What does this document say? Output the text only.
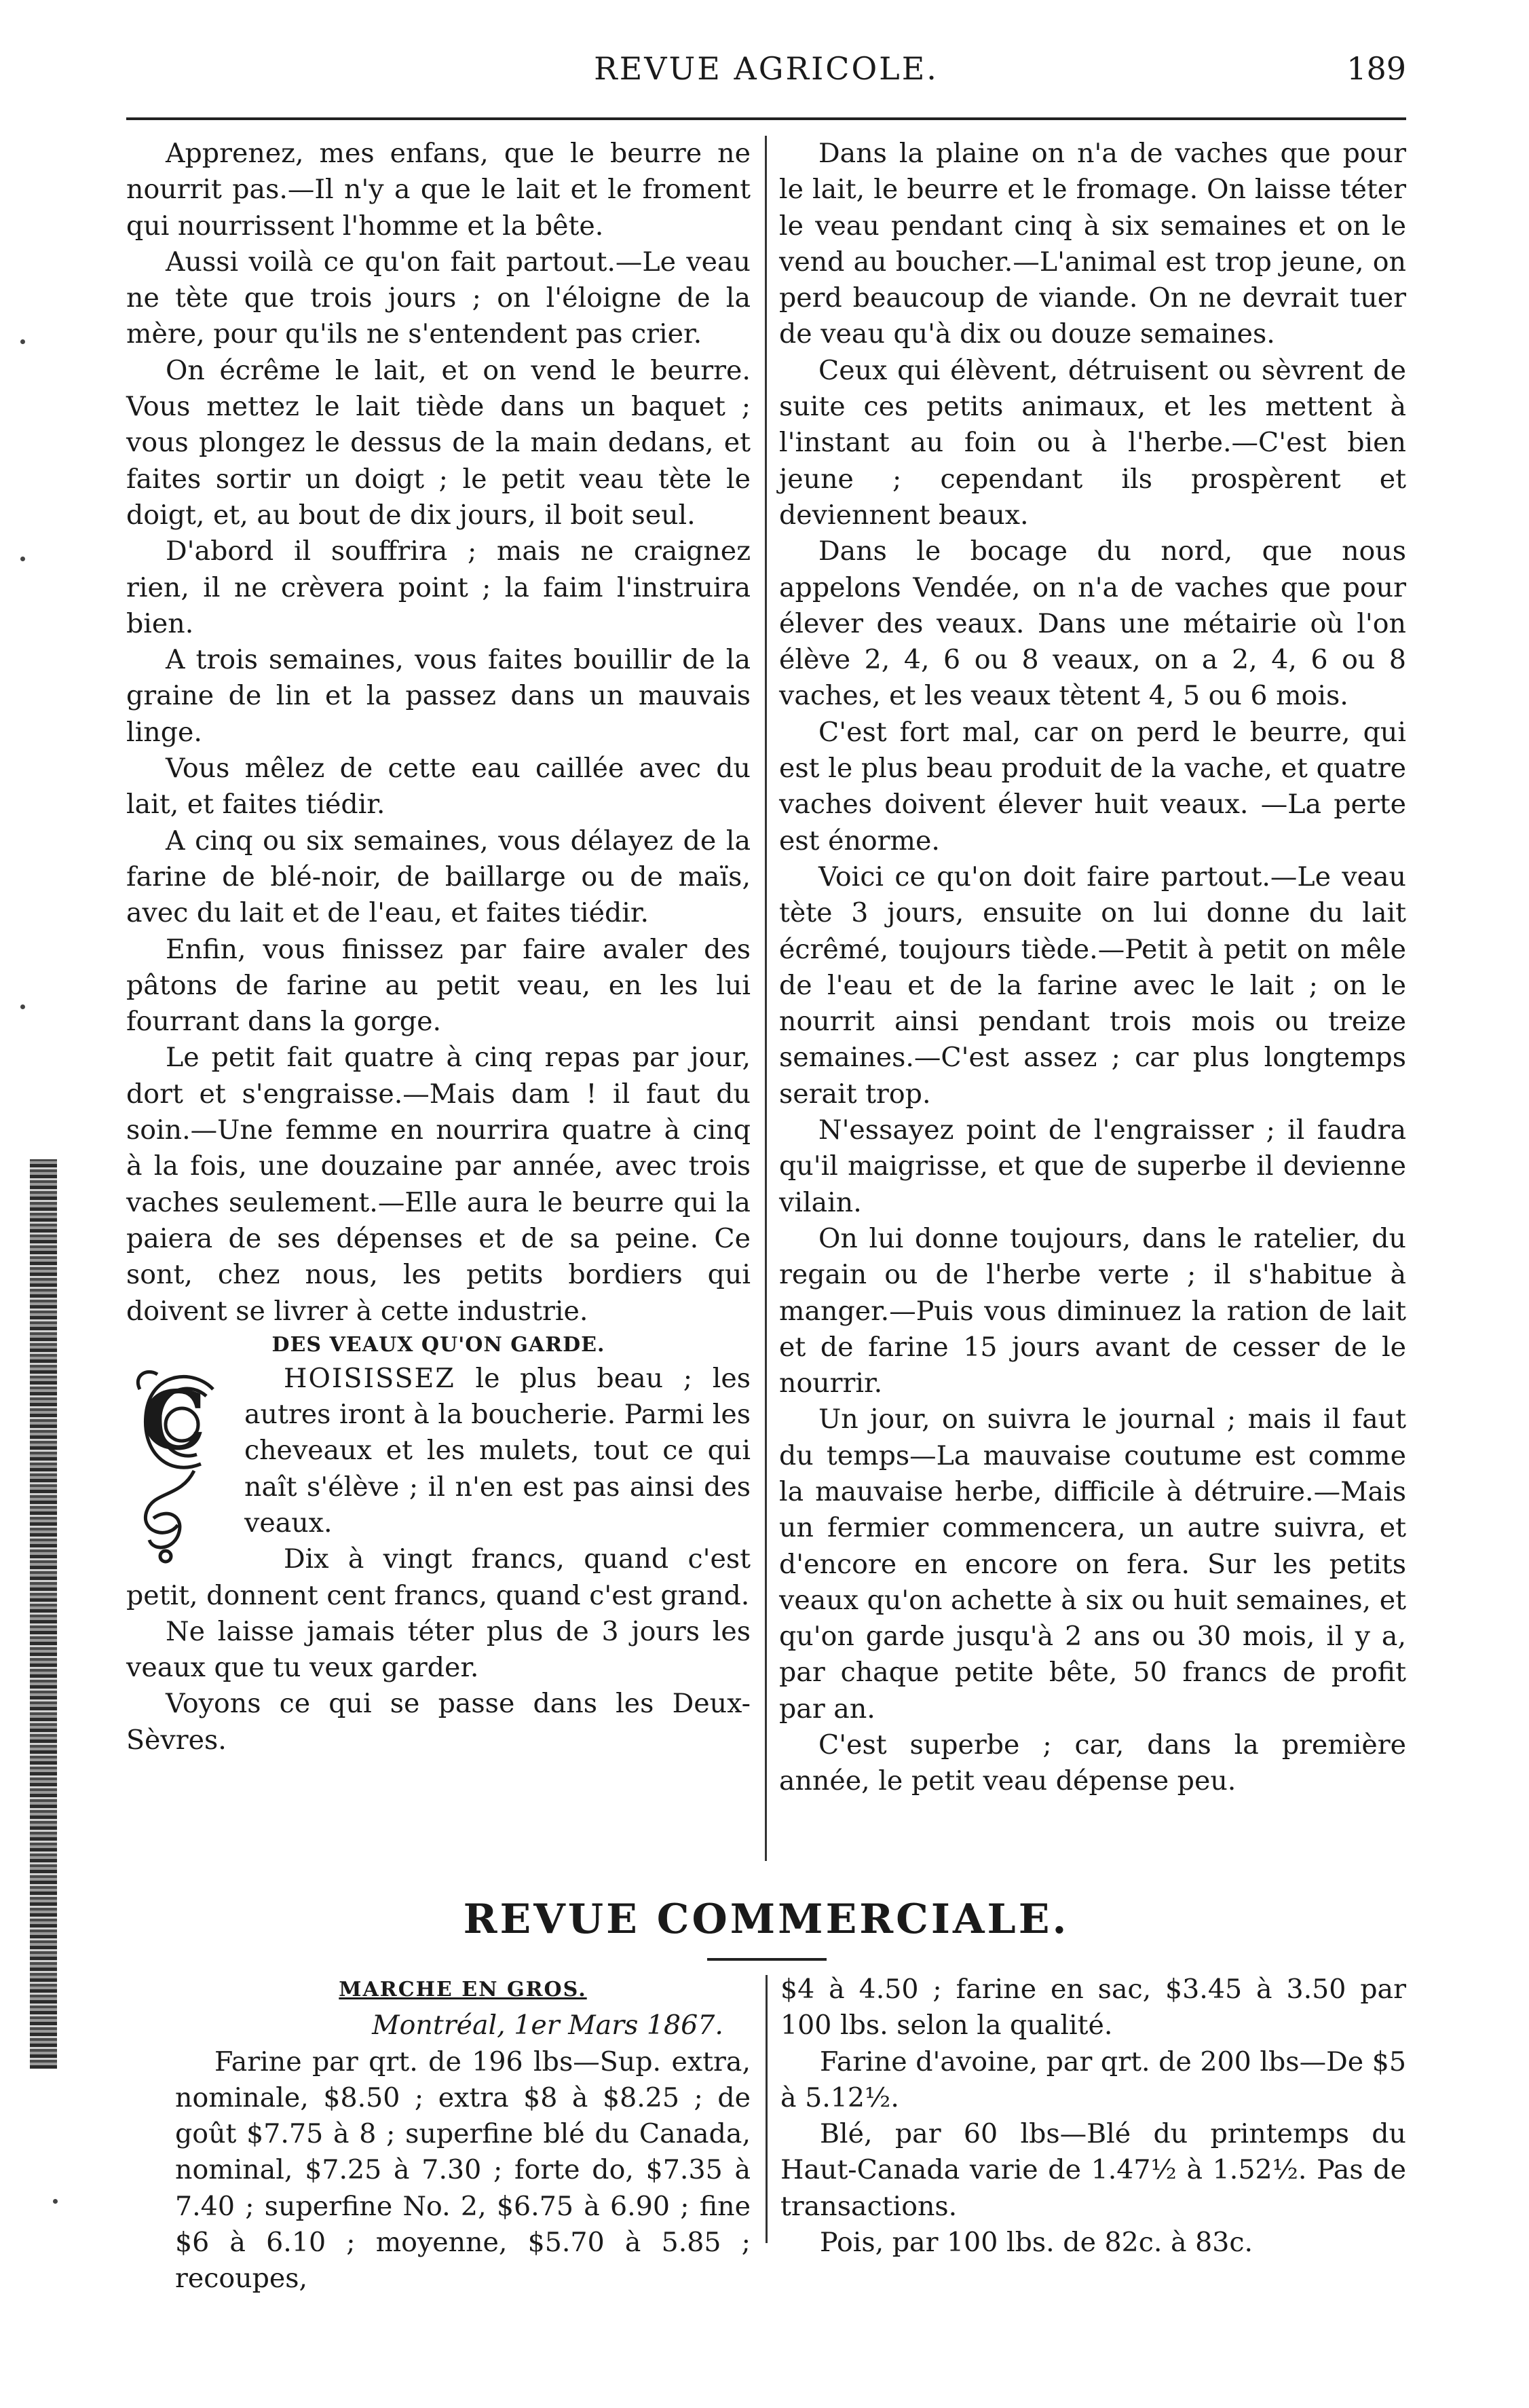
REVUE AGRICOLE.	189

Apprenez, mes enfans, que le beurre ne nourrit pas.—Il n'y a que le lait et le froment qui nourrissent l'homme et la bête.

Aussi voilà ce qu'on fait partout.—Le veau ne tète que trois jours ; on l'éloigne de la mère, pour qu'ils ne s'entendent pas crier.

On écrême le lait, et on vend le beurre. Vous mettez le lait tiède dans un baquet ; vous plongez le dessus de la main dedans, et faites sortir un doigt ; le petit veau tète le doigt, et, au bout de dix jours, il boit seul.

D'abord il souffrira ; mais ne craignez rien, il ne crèvera point ; la faim l'instruira bien.

A trois semaines, vous faites bouillir de la graine de lin et la passez dans un mauvais linge.

Vous mêlez de cette eau caillée avec du lait, et faites tiédir.

A cinq ou six semaines, vous délayez de la farine de blé-noir, de baillarge ou de maïs, avec du lait et de l'eau, et faites tiédir.

Enfin, vous finissez par faire avaler des pâtons de farine au petit veau, en les lui fourrant dans la gorge.

Le petit fait quatre à cinq repas par jour, dort et s'engraisse.—Mais dam ! il faut du soin.—Une femme en nourrira quatre à cinq à la fois, une douzaine par année, avec trois vaches seulement.—Elle aura le beurre qui la paiera de ses dépenses et de sa peine. Ce sont, chez nous, les petits bordiers qui doivent se livrer à cette industrie.

DES VEAUX QU'ON GARDE.

C	HOISISSEZ le plus beau ; les autres iront à la boucherie. Parmi les cheveaux et les mulets, tout ce qui naît s'élève ; il n'en est pas ainsi des veaux.

Dix à vingt francs, quand c'est petit, donnent cent francs, quand c'est grand.

Ne laisse jamais téter plus de 3 jours les veaux que tu veux garder.

Voyons ce qui se passe dans les Deux-Sèvres.

Dans la plaine on n'a de vaches que pour le lait, le beurre et le fromage. On laisse téter le veau pendant cinq à six semaines et on le vend au boucher.—L'animal est trop jeune, on perd beaucoup de viande. On ne devrait tuer de veau qu'à dix ou douze semaines.

Ceux qui élèvent, détruisent ou sèvrent de suite ces petits animaux, et les mettent à l'instant au foin ou à l'herbe.—C'est bien jeune ; cependant ils prospèrent et deviennent beaux.

Dans le bocage du nord, que nous appelons Vendée, on n'a de vaches que pour élever des veaux. Dans une métairie où l'on élève 2, 4, 6 ou 8 veaux, on a 2, 4, 6 ou 8 vaches, et les veaux tètent 4, 5 ou 6 mois.

C'est fort mal, car on perd le beurre, qui est le plus beau produit de la vache, et quatre vaches doivent élever huit veaux. —La perte est énorme.

Voici ce qu'on doit faire partout.—Le veau tète 3 jours, ensuite on lui donne du lait écrêmé, toujours tiède.—Petit à petit on mêle de l'eau et de la farine avec le lait ; on le nourrit ainsi pendant trois mois ou treize semaines.—C'est assez ; car plus longtemps serait trop.

N'essayez point de l'engraisser ; il faudra qu'il maigrisse, et que de superbe il devienne vilain.

On lui donne toujours, dans le ratelier, du regain ou de l'herbe verte ; il s'habitue à manger.—Puis vous diminuez la ration de lait et de farine 15 jours avant de cesser de le nourrir.

Un jour, on suivra le journal ; mais il faut du temps—La mauvaise coutume est comme la mauvaise herbe, difficile à détruire.—Mais un fermier commencera, un autre suivra, et d'encore en encore on fera. Sur les petits veaux qu'on achette à six ou huit semaines, et qu'on garde jusqu'à 2 ans ou 30 mois, il y a, par chaque petite bête, 50 francs de profit par an.

C'est superbe ; car, dans la première année, le petit veau dépense peu.

REVUE COMMERCIALE.

MARCHE EN GROS.

Montréal, 1er Mars 1867.

Farine par qrt. de 196 lbs—Sup. extra, nominale, $8.50 ; extra $8 à $8.25 ; de goût $7.75 à 8 ; superfine blé du Canada, nominal, $7.25 à 7.30 ; forte do, $7.35 à 7.40 ; superfine No. 2, $6.75 à 6.90 ; fine $6 à 6.10 ; moyenne, $5.70 à 5.85 ; recoupes,

$4 à 4.50 ; farine en sac, $3.45 à 3.50 par 100 lbs. selon la qualité.

Farine d'avoine, par qrt. de 200 lbs—De $5 à 5.12½.

Blé, par 60 lbs—Blé du printemps du Haut-Canada varie de 1.47½ à 1.52½. Pas de transactions.

Pois, par 100 lbs. de 82c. à 83c.
